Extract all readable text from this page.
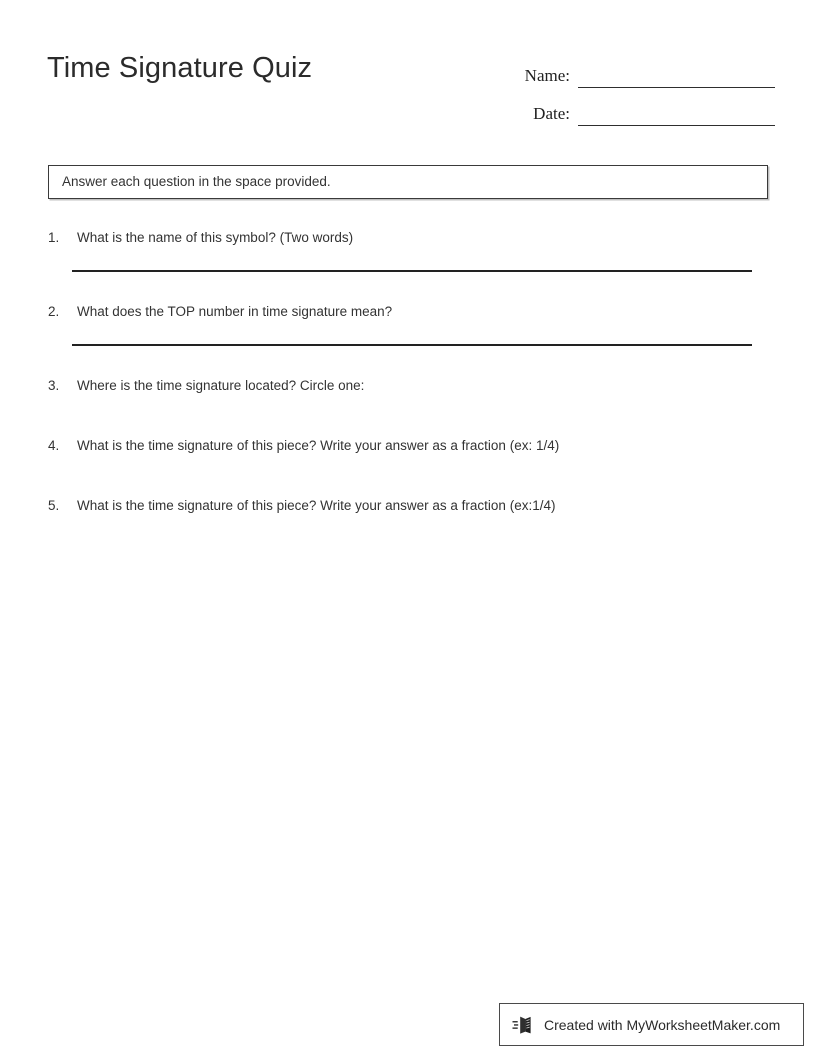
Time Signature Quiz	Name:
Date:
Answer each question in the space provided.
1.	What is the name of this symbol? (Two words)
2.	What does the TOP number in time signature mean?
3.	Where is the time signature located? Circle one:
4.	What is the time signature of this piece? Write your answer as a fraction (ex: 1/4)
5.	What is the time signature of this piece? Write your answer as a fraction (ex:1/4)
Created with MyWorksheetMaker.com
